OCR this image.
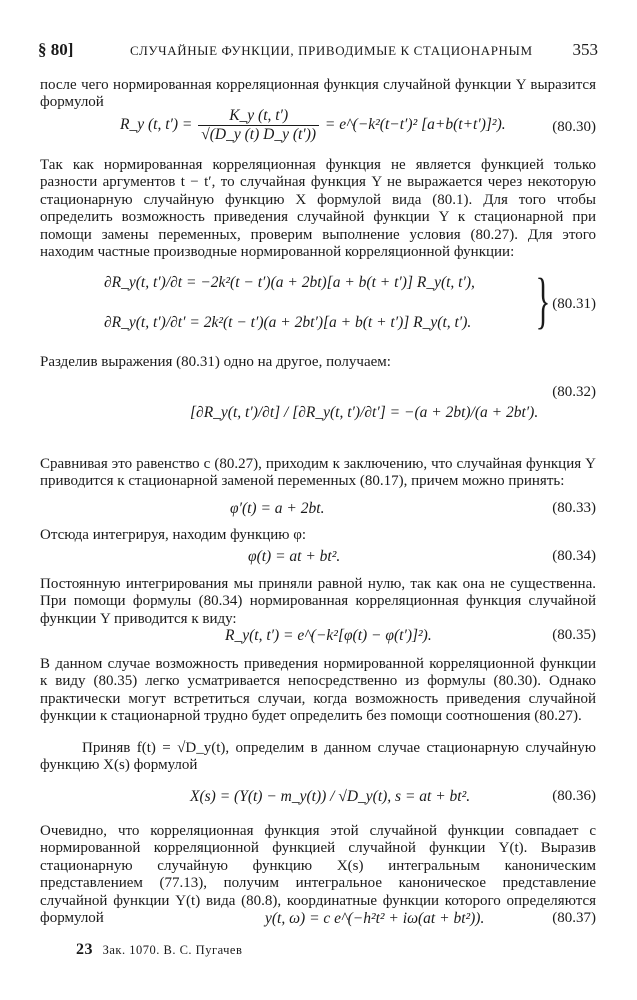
§ 80]	СЛУЧАЙНЫЕ ФУНКЦИИ, ПРИВОДИМЫЕ К СТАЦИОНАРНЫМ 353

после чего нормированная корреляционная функция случайной функции Y выразится формулой

R_y (t, $t') = \frac{K\_y (t, t')}{√(D\_y (t) D\_y (t'))}$ = e^(−k²(t−t′)² [a+b(t+t′)]²).	(80.30)

Так как нормированная корреляционная функция не является функцией только разности аргументов t − t′, то случайная функция Y не выражается через некоторую стационарную случайную функцию X формулой вида (80.1). Для того чтобы определить возможность приведения случайной функции Y к стационарной при помощи замены переменных, проверим выполнение условия (80.27). Для этого находим частные производные нормированной корреляционной функции:

∂R_y(t, t′)/∂t = −2k²(t − t′)(a + 2bt)[a + b(t + t′)] R_y(t, t′),
∂R_y(t, t′)/∂t′ = 2k²(t − t′)(a + 2bt′)[a + b(t + t′)] R_y(t, t′). } (80.31)

Разделив выражения (80.31) одно на другое, получаем:

[∂R_y(t, t′)/∂t] / [∂R_y(t, t′)/∂t′] = −(a + 2bt)/(a + 2bt′).
(80.32)

Сравнивая это равенство с (80.27), приходим к заключению, что случайная функция Y приводится к стационарной заменой переменных (80.17), причем можно принять:

φ′(t) = a + 2bt.	(80.33)

Отсюда интегрируя, находим функцию φ:

φ(t) = at + bt².	(80.34)

Постоянную интегрирования мы приняли равной нулю, так как она не существенна. При помощи формулы (80.34) нормированная корреляционная функция случайной функции Y приводится к виду:

R_y(t, t′) = e^(−k²[φ(t) − φ(t′)]²).	(80.35)

В данном случае возможность приведения нормированной корреляционной функции к виду (80.35) легко усматривается непосредственно из формулы (80.30). Однако практически могут встретиться случаи, когда возможность приведения случайной функции к стационарной трудно будет определить без помощи соотношения (80.27).

Приняв f(t) = √D_y(t), определим в данном случае стационарную случайную функцию X(s) формулой

X(s) = (Y(t) − m_y(t)) / √D_y(t), s = at + bt².	(80.36)

Очевидно, что корреляционная функция этой случайной функции совпадает с нормированной корреляционной функцией случайной функции Y(t). Выразив стационарную случайную функцию X(s) интегральным каноническим представлением (77.13), получим интегральное каноническое представление случайной функции Y(t) вида (80.8), координатные функции которого определяются формулой	y(t, ω) = c e^(−h²t² + iω(at + bt²)).	(80.37)
23 Зак. 1070. В. С. Пугачев
